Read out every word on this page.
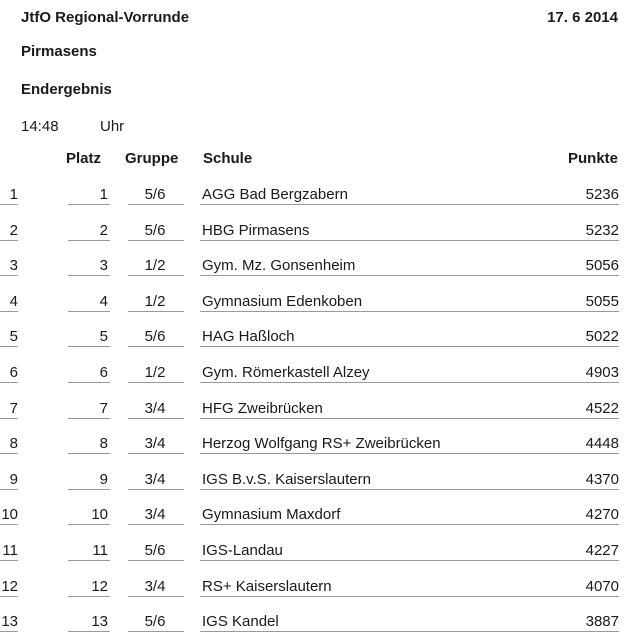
JtfO Regional-Vorrunde	17. 6 2014
Pirmasens
Endergebnis
14:48	Uhr
Platz Gruppe Schule	Punkte
1	1	5/6	AGG Bad Bergzabern	5236
2	2	5/6	HBG Pirmasens	5232
3	3	1/2	Gym. Mz. Gonsenheim	5056
4	4	1/2	Gymnasium Edenkoben	5055
5	5	5/6	HAG Haßloch	5022
6	6	1/2	Gym. Römerkastell Alzey	4903
7	7	3/4	HFG Zweibrücken	4522
8	8	3/4	Herzog Wolfgang RS+ Zweibrücken	4448
9	9	3/4	IGS B.v.S. Kaiserslautern	4370
10	10	3/4	Gymnasium Maxdorf	4270
11	11	5/6	IGS-Landau	4227
12	12	3/4	RS+ Kaiserslautern	4070
13	13	5/6	IGS Kandel	3887
